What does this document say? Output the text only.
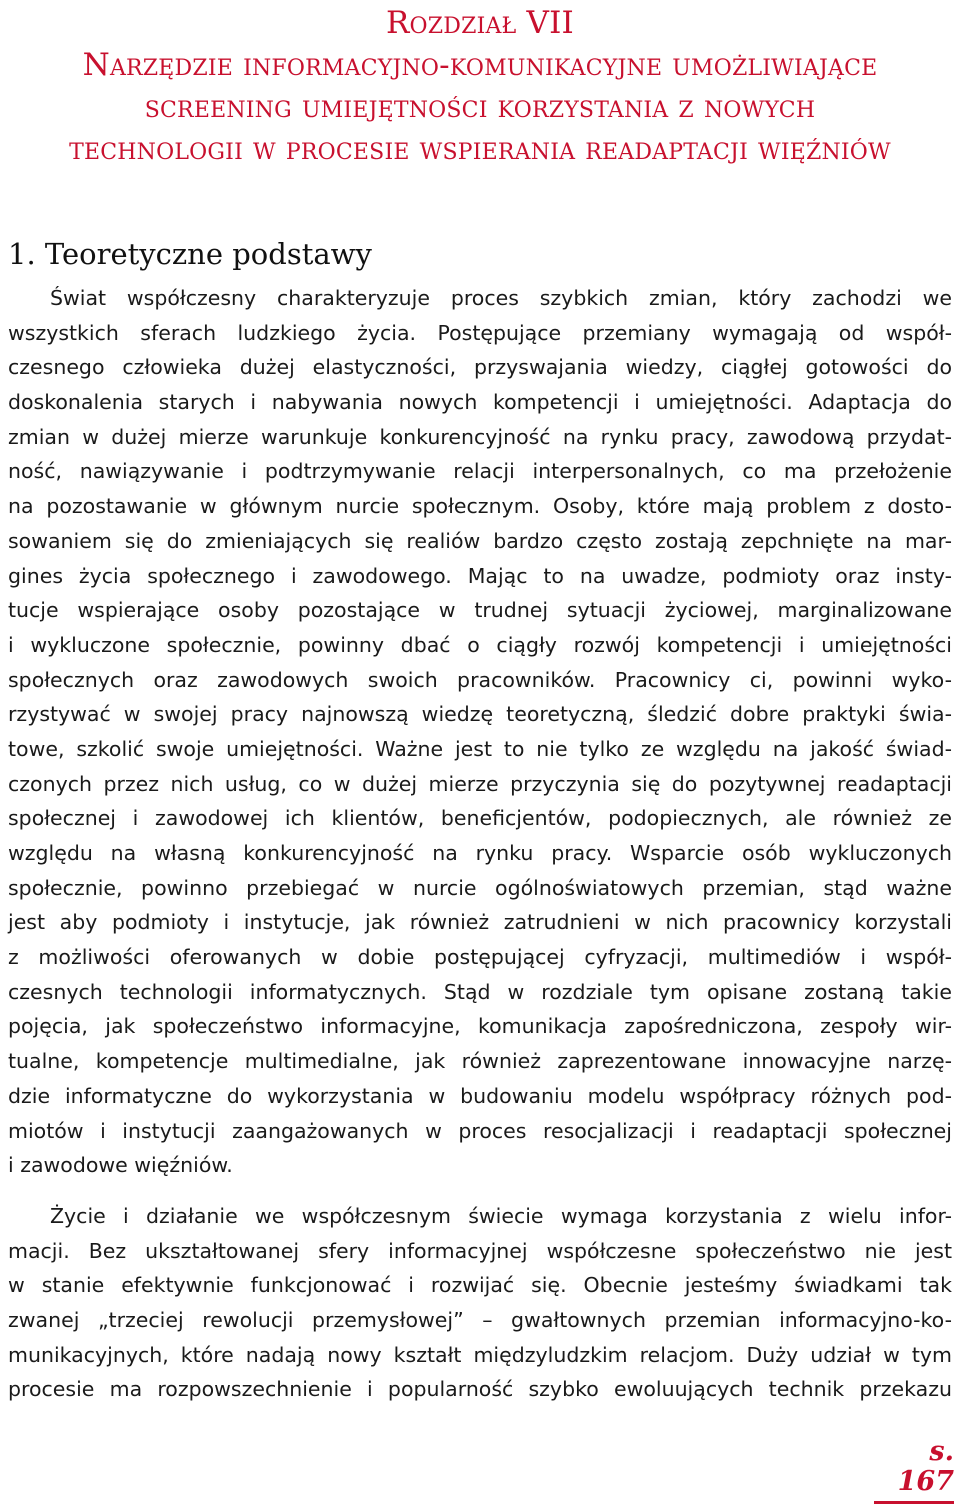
Rozdział VII
Narzędzie informacyjno-komunikacyjne umożliwiające
screening umiejętności korzystania z nowych
technologii w procesie wspierania readaptacji więźniów
1. Teoretyczne podstawy
Świat współczesny charakteryzuje proces szybkich zmian, który zachodzi we
wszystkich sferach ludzkiego życia. Postępujące przemiany wymagają od współ-
czesnego człowieka dużej elastyczności, przyswajania wiedzy, ciągłej gotowości do
doskonalenia starych i nabywania nowych kompetencji i umiejętności. Adaptacja do
zmian w dużej mierze warunkuje konkurencyjność na rynku pracy, zawodową przydat-
ność, nawiązywanie i podtrzymywanie relacji interpersonalnych, co ma przełożenie
na pozostawanie w głównym nurcie społecznym. Osoby, które mają problem z dosto-
sowaniem się do zmieniających się realiów bardzo często zostają zepchnięte na mar-
gines życia społecznego i zawodowego. Mając to na uwadze, podmioty oraz insty-
tucje wspierające osoby pozostające w trudnej sytuacji życiowej, marginalizowane
i wykluczone społecznie, powinny dbać o ciągły rozwój kompetencji i umiejętności
społecznych oraz zawodowych swoich pracowników. Pracownicy ci, powinni wyko-
rzystywać w swojej pracy najnowszą wiedzę teoretyczną, śledzić dobre praktyki świa-
towe, szkolić swoje umiejętności. Ważne jest to nie tylko ze względu na jakość świad-
czonych przez nich usług, co w dużej mierze przyczynia się do pozytywnej readaptacji
społecznej i zawodowej ich klientów, beneficjentów, podopiecznych, ale również ze
względu na własną konkurencyjność na rynku pracy. Wsparcie osób wykluczonych
społecznie, powinno przebiegać w nurcie ogólnoświatowych przemian, stąd ważne
jest aby podmioty i instytucje, jak również zatrudnieni w nich pracownicy korzystali
z możliwości oferowanych w dobie postępującej cyfryzacji, multimediów i współ-
czesnych technologii informatycznych. Stąd w rozdziale tym opisane zostaną takie
pojęcia, jak społeczeństwo informacyjne, komunikacja zapośredniczona, zespoły wir-
tualne, kompetencje multimedialne, jak również zaprezentowane innowacyjne narzę-
dzie informatyczne do wykorzystania w budowaniu modelu współpracy różnych pod-
miotów i instytucji zaangażowanych w proces resocjalizacji i readaptacji społecznej
i zawodowe więźniów.
Życie i działanie we współczesnym świecie wymaga korzystania z wielu infor-
macji. Bez ukształtowanej sfery informacyjnej współczesne społeczeństwo nie jest
w stanie efektywnie funkcjonować i rozwijać się. Obecnie jesteśmy świadkami tak
zwanej „trzeciej rewolucji przemysłowej” – gwałtownych przemian informacyjno-ko-
munikacyjnych, które nadają nowy kształt międzyludzkim relacjom. Duży udział w tym
procesie ma rozpowszechnienie i popularność szybko ewoluujących technik przekazu
s. 167
